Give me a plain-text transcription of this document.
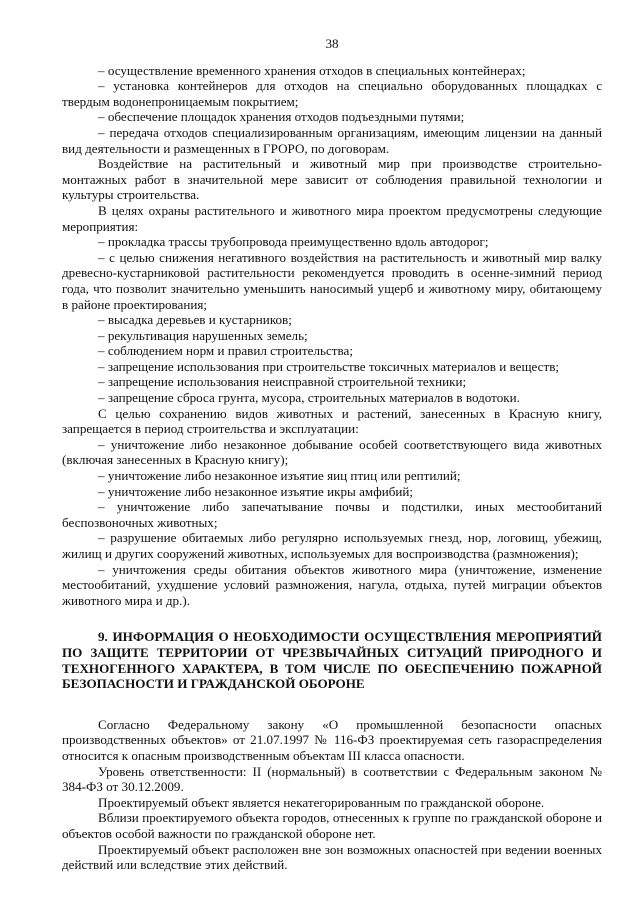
38

– осуществление временного хранения отходов в специальных контейнерах;

– установка контейнеров для отходов на специально оборудованных площадках с твердым водонепроницаемым покрытием;

– обеспечение площадок хранения отходов подъездными путями;

– передача отходов специализированным организациям, имеющим лицензии на данный вид деятельности и размещенных в ГРОРО, по договорам.

Воздействие на растительный и животный мир при производстве строительно-монтажных работ в значительной мере зависит от соблюдения правильной технологии и культуры строительства.

В целях охраны растительного и животного мира проектом предусмотрены следующие мероприятия:

– прокладка трассы трубопровода преимущественно вдоль автодорог;

– с целью снижения негативного воздействия на растительность и животный мир валку древесно-кустарниковой растительности рекомендуется проводить в осенне-зимний период года, что позволит значительно уменьшить наносимый ущерб и животному миру, обитающему в районе проектирования;

– высадка деревьев и кустарников;

– рекультивация нарушенных земель;

– соблюдением норм и правил строительства;

– запрещение использования при строительстве токсичных материалов и веществ;

– запрещение использования неисправной строительной техники;

– запрещение сброса грунта, мусора, строительных материалов в водотоки.

С целью сохранению видов животных и растений, занесенных в Красную книгу, запрещается в период строительства и эксплуатации:

– уничтожение либо незаконное добывание особей соответствующего вида животных (включая занесенных в Красную книгу);

– уничтожение либо незаконное изъятие яиц птиц или рептилий;

– уничтожение либо незаконное изъятие икры амфибий;

– уничтожение либо запечатывание почвы и подстилки, иных местообитаний беспозвоночных животных;

– разрушение обитаемых либо регулярно используемых гнезд, нор, логовищ, убежищ, жилищ и других сооружений животных, используемых для воспроизводства (размножения);

– уничтожения среды обитания объектов животного мира (уничтожение, изменение местообитаний, ухудшение условий размножения, нагула, отдыха, путей миграции объектов животного мира и др.).

9. ИНФОРМАЦИЯ О НЕОБХОДИМОСТИ ОСУЩЕСТВЛЕНИЯ МЕРОПРИЯТИЙ ПО ЗАЩИТЕ ТЕРРИТОРИИ ОТ ЧРЕЗВЫЧАЙНЫХ СИТУАЦИЙ ПРИРОДНОГО И ТЕХНОГЕННОГО ХАРАКТЕРА, В ТОМ ЧИСЛЕ ПО ОБЕСПЕЧЕНИЮ ПОЖАРНОЙ БЕЗОПАСНОСТИ И ГРАЖДАНСКОЙ ОБОРОНЕ

Согласно Федеральному закону «О промышленной безопасности опасных производственных объектов» от 21.07.1997 № 116-ФЗ проектируемая сеть газораспределения относится к опасным производственным объектам III класса опасности.

Уровень ответственности: II (нормальный) в соответствии с Федеральным законом № 384-ФЗ от 30.12.2009.

Проектируемый объект является некатегорированным по гражданской обороне.

Вблизи проектируемого объекта городов, отнесенных к группе по гражданской обороне и объектов особой важности по гражданской обороне нет.

Проектируемый объект расположен вне зон возможных опасностей при ведении военных действий или вследствие этих действий.
